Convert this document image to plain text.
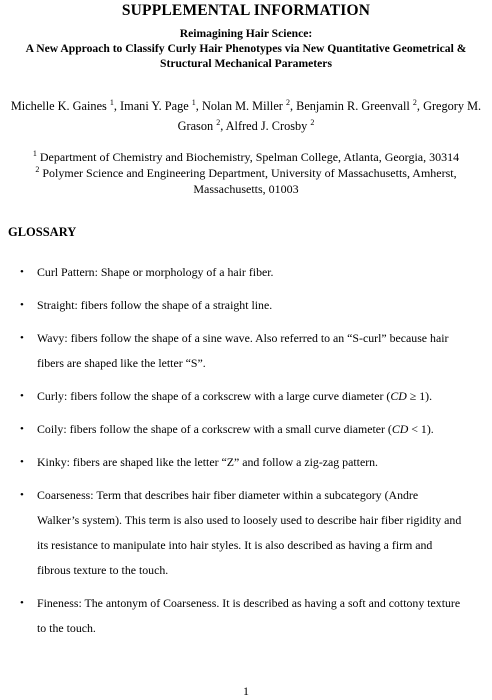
SUPPLEMENTAL INFORMATION
Reimagining Hair Science:
A New Approach to Classify Curly Hair Phenotypes via New Quantitative Geometrical &
Structural Mechanical Parameters
Michelle K. Gaines $^1$, Imani Y. Page $^1$, Nolan M. Miller $^2$, Benjamin R. Greenvall $^2$, Gregory M.
Grason $^2$, Alfred J. Crosby $^2$
$^1$ Department of Chemistry and Biochemistry, Spelman College, Atlanta, Georgia, 30314
$^2$ Polymer Science and Engineering Department, University of Massachusetts, Amherst,
Massachusetts, 01003
GLOSSARY
• Curl Pattern: Shape or morphology of a hair fiber.
• Straight: fibers follow the shape of a straight line.
• Wavy: fibers follow the shape of a sine wave. Also referred to an “S-curl” because hair
fibers are shaped like the letter “S”.
• Curly: fibers follow the shape of a corkscrew with a large curve diameter (CD ≥ 1).
• Coily: fibers follow the shape of a corkscrew with a small curve diameter (CD < 1).
• Kinky: fibers are shaped like the letter “Z” and follow a zig-zag pattern.
• Coarseness: Term that describes hair fiber diameter within a subcategory (Andre
Walker’s system). This term is also used to loosely used to describe hair fiber rigidity and
its resistance to manipulate into hair styles. It is also described as having a firm and
fibrous texture to the touch.
• Fineness: The antonym of Coarseness. It is described as having a soft and cottony texture
to the touch.
1
